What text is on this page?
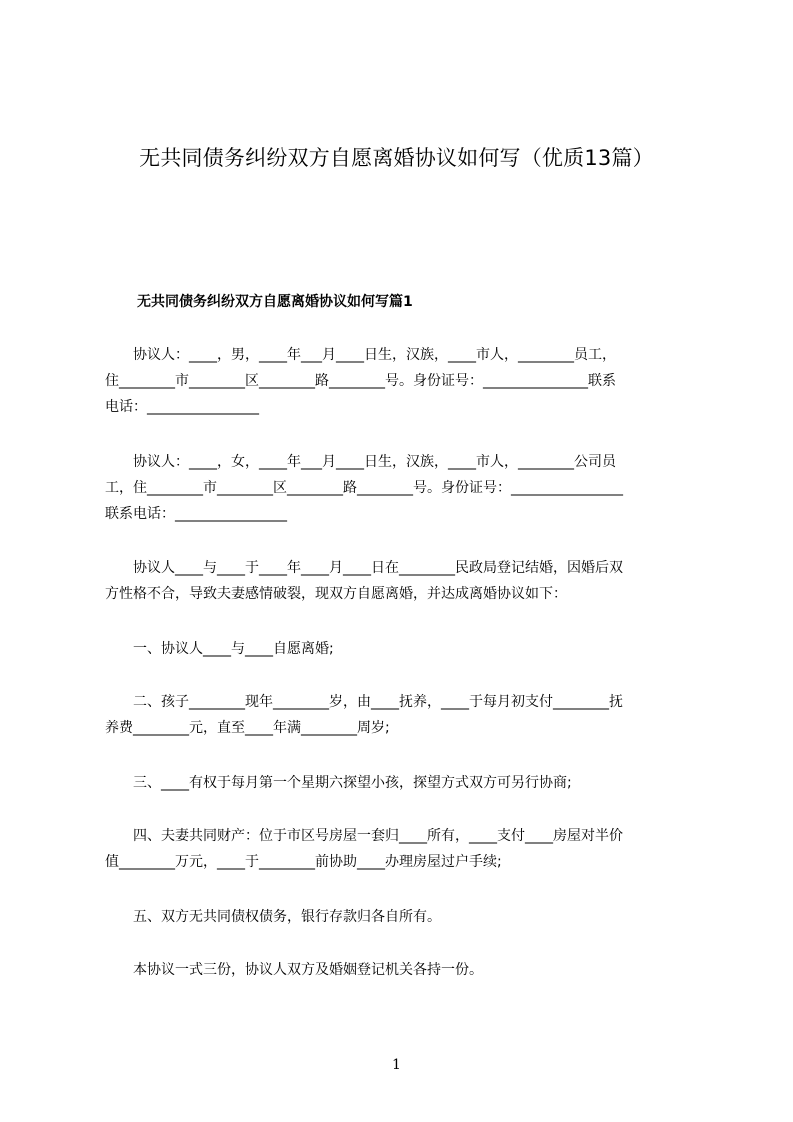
无共同债务纠纷双方自愿离婚协议如何写（优质13篇）
无共同债务纠纷双方自愿离婚协议如何写篇1
　　协议人：____，男，____年___月____日生，汉族，____市人，________员工，
住________市________区________路________号。身份证号：_______________联系
电话：________________
　　协议人：____，女，____年___月____日生，汉族，____市人，________公司员
工，住________市________区________路________号。身份证号：________________
联系电话：________________
　　协议人____与____于____年____月____日在________民政局登记结婚，因婚后双
方性格不合，导致夫妻感情破裂，现双方自愿离婚，并达成离婚协议如下：
　　一、协议人____与____自愿离婚;
　　二、孩子________现年________岁，由____抚养，____于每月初支付________抚
养费________元，直至____年满________周岁;
　　三、____有权于每月第一个星期六探望小孩，探望方式双方可另行协商;
　　四、夫妻共同财产：位于市区号房屋一套归____所有，____支付____房屋对半价
值________万元，____于________前协助____办理房屋过户手续;
　　五、双方无共同债权债务，银行存款归各自所有。
　　本协议一式三份，协议人双方及婚姻登记机关各持一份。
1
